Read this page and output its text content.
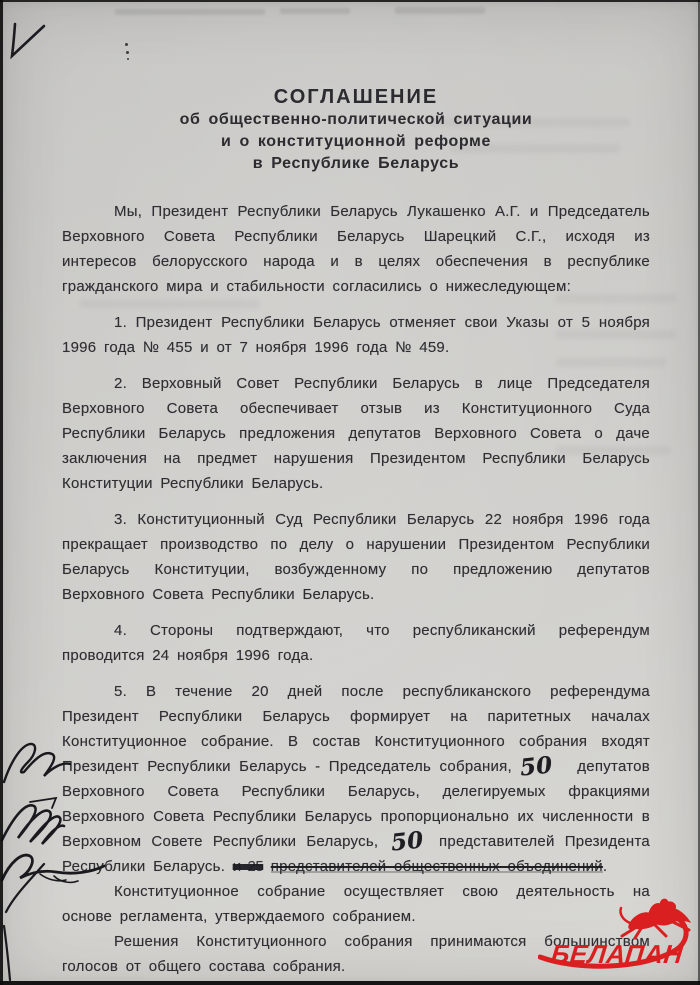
СОГЛАШЕНИЕ
об общественно-политической ситуации
и о конституционной реформе
в Республике Беларусь

Мы, Президент Республики Беларусь Лукашенко А.Г. и Председатель Верховного Совета Республики Беларусь Шарецкий С.Г., исходя из интересов белорусского народа и в целях обеспечения в республике гражданского мира и стабильности согласились о нижеследующем:

1. Президент Республики Беларусь отменяет свои Указы от 5 ноября 1996 года № 455 и от 7 ноября 1996 года № 459.

2. Верховный Совет Республики Беларусь в лице Председателя Верховного Совета обеспечивает отзыв из Конституционного Суда Республики Беларусь предложения депутатов Верховного Совета о даче заключения на предмет нарушения Президентом Республики Беларусь Конституции Республики Беларусь.

3. Конституционный Суд Республики Беларусь 22 ноября 1996 года прекращает производство по делу о нарушении Президентом Республики Беларусь Конституции, возбужденному по предложению депутатов Верховного Совета Республики Беларусь.

4. Стороны подтверждают, что республиканский референдум проводится 24 ноября 1996 года.

5. В течение 20 дней после республиканского референдума Президент Республики Беларусь формирует на паритетных началах Конституционное собрание. В состав Конституционного собрания входят Президент Республики Беларусь - Председатель собрания, 50 депутатов Верховного Совета Республики Беларусь, делегируемых фракциями Верховного Совета Республики Беларусь пропорционально их численности в Верховном Совете Республики Беларусь, 50 представителей Президента Республики Беларусь. и 25 представителей общественных объединений.

Конституционное собрание осуществляет свою деятельность на основе регламента, утверждаемого собранием.

Решения Конституционного собрания принимаются большинством голосов от общего состава собрания.	БЕЛАПАН
